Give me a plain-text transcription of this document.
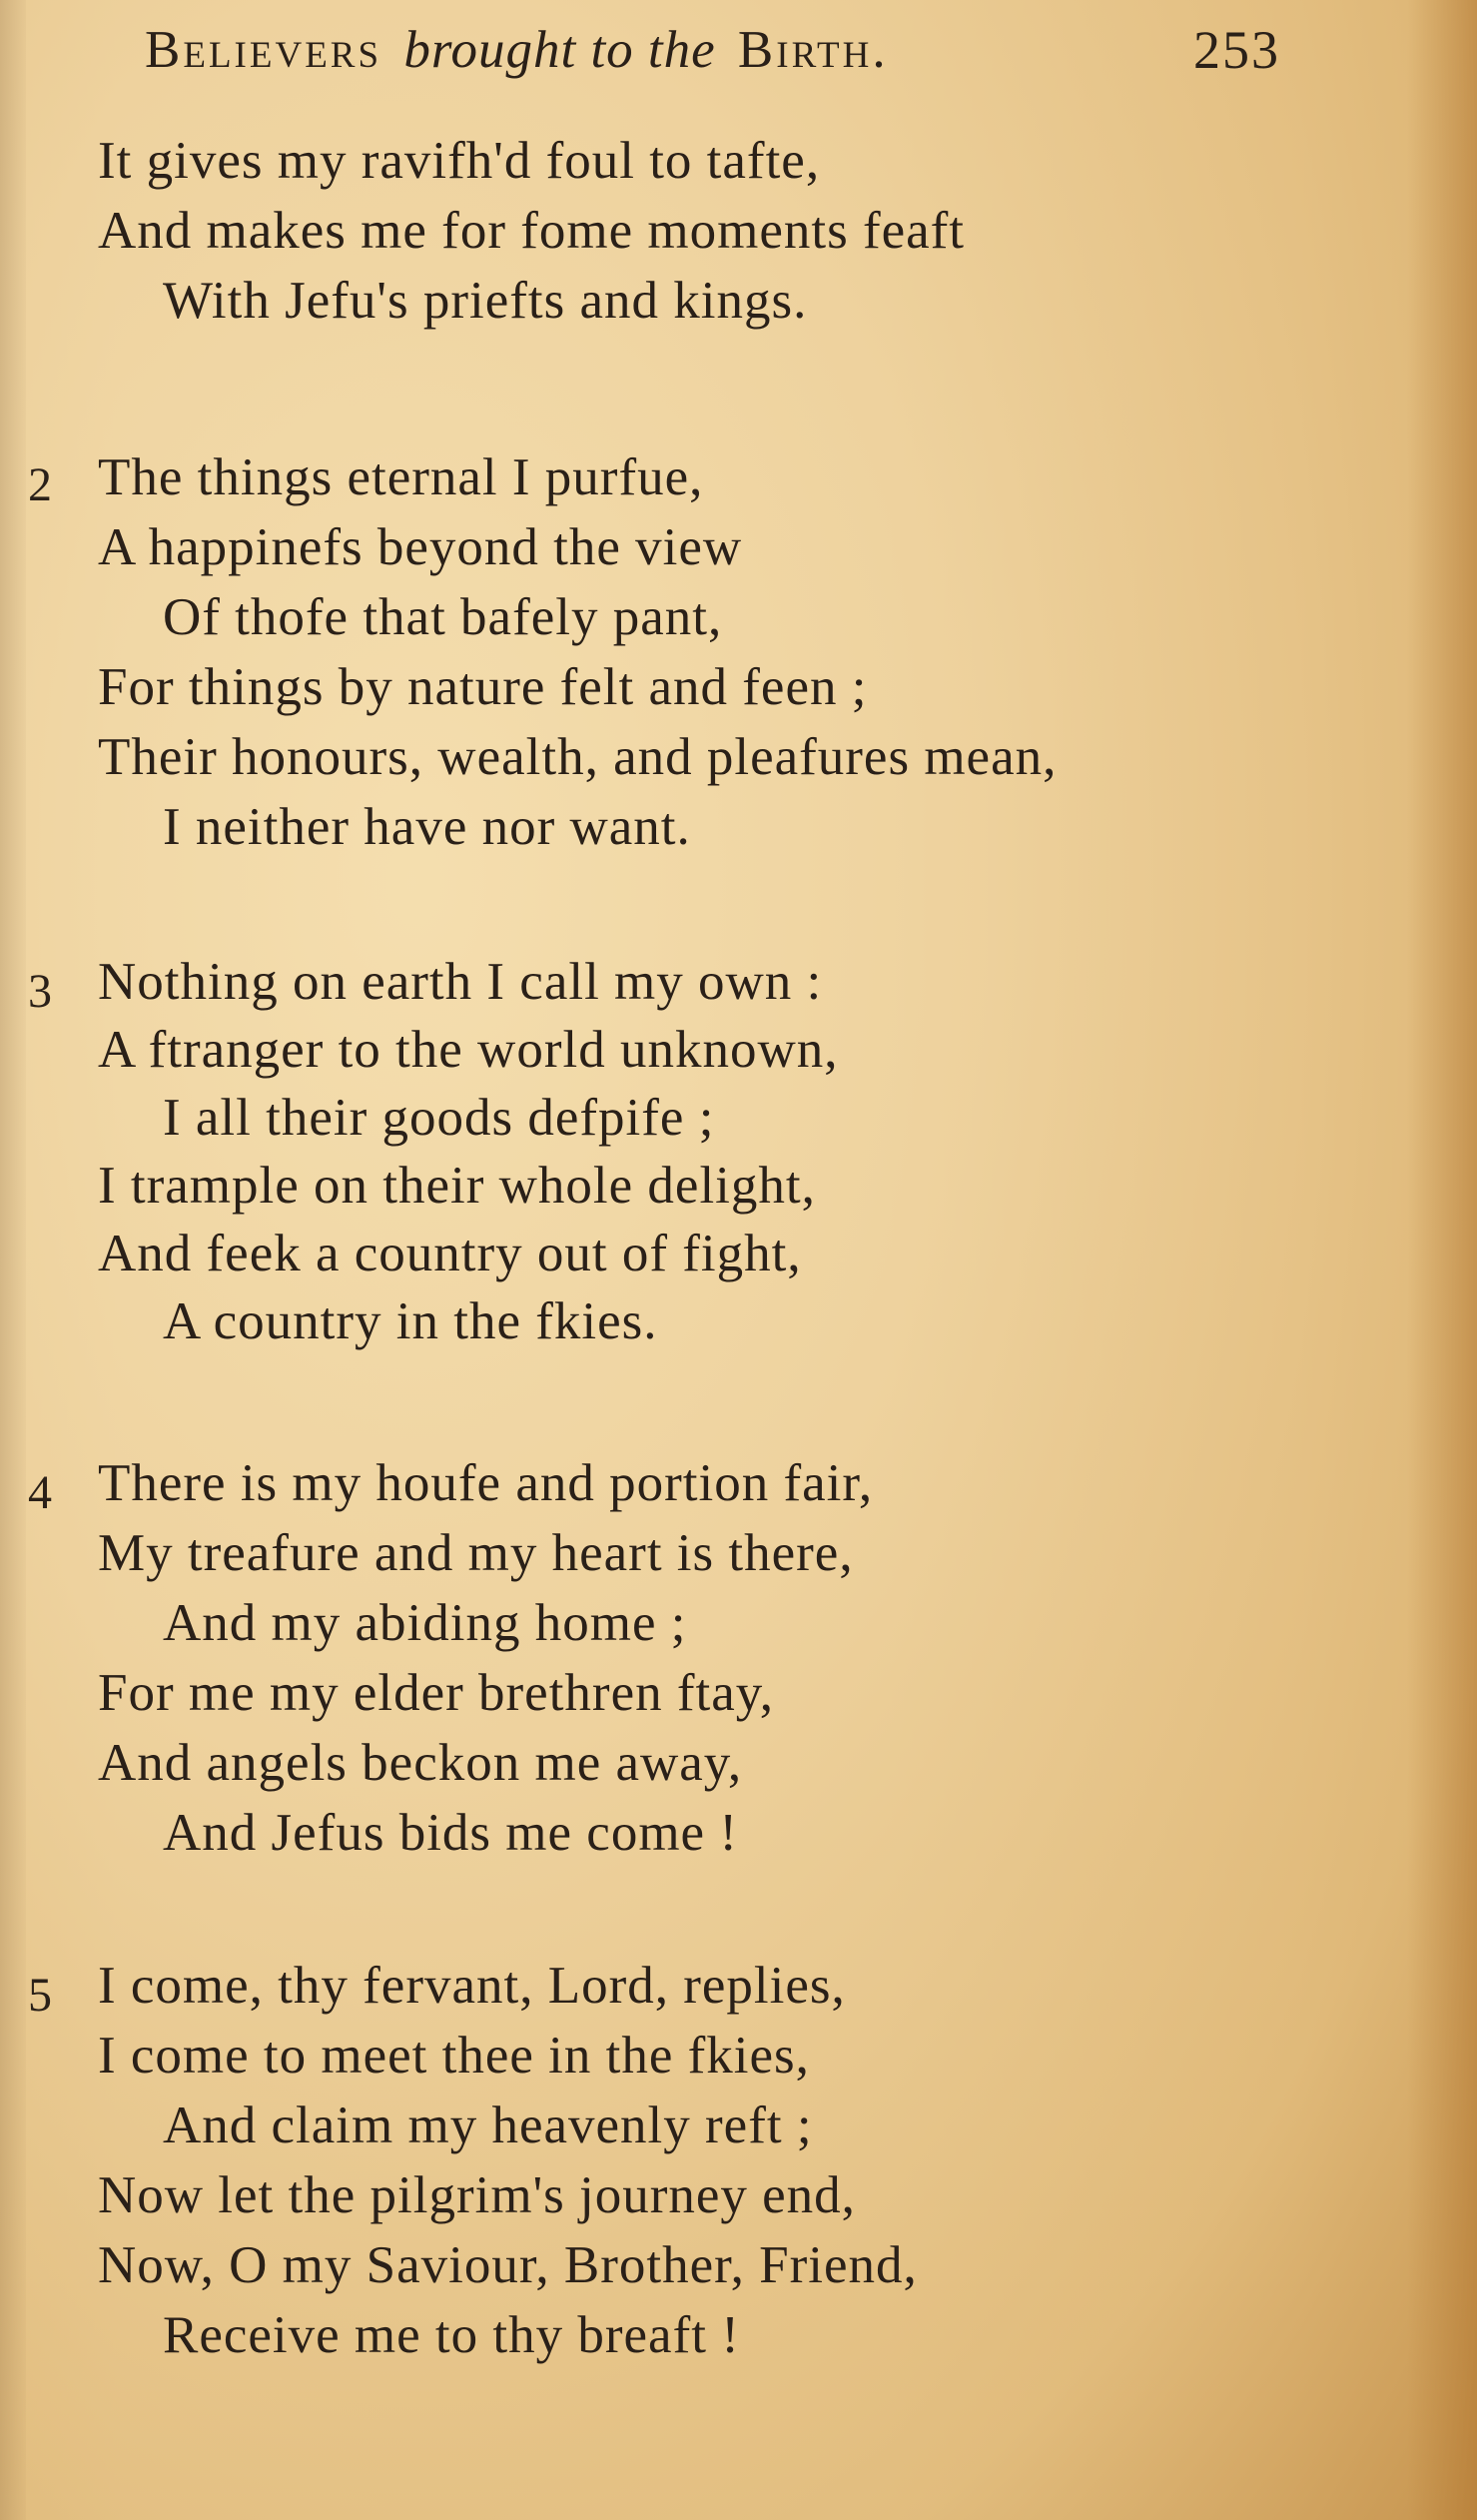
Believers brought to the Birth.	253
It gives my ravifh'd foul to tafte,
And makes me for fome moments feaft
With Jefu's priefts and kings.
2 The things eternal I purfue,
A happinefs beyond the view
Of thofe that bafely pant,
For things by nature felt and feen ;
Their honours, wealth, and pleafures mean,
I neither have nor want.
3 Nothing on earth I call my own :
A ftranger to the world unknown,
I all their goods defpife ;
I trample on their whole delight,
And feek a country out of fight,
A country in the fkies.
4 There is my houfe and portion fair,
My treafure and my heart is there,
And my abiding home ;
For me my elder brethren ftay,
And angels beckon me away,
And Jefus bids me come !
5 I come, thy fervant, Lord, replies,
I come to meet thee in the fkies,
And claim my heavenly reft ;
Now let the pilgrim's journey end,
Now, O my Saviour, Brother, Friend,
Receive me to thy breaft !
